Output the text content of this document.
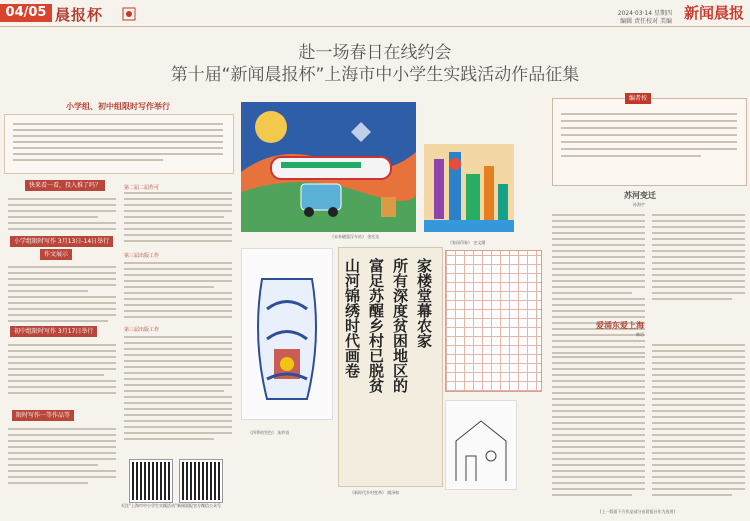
04/05 晨报杯	2024·03·14 星期四
编辑 责任校对 美编 新闻晨报
赴一场春日在线约会
第十届“新闻晨报杯”上海市中小学生实践活动作品征集
小学组、初中组限时写作举行
快来看一看，投入推了吗？
小学组限时写作 3月13日-14日举行
作文展示
初中组限时写作 3月17日举行
限时写作一等作品等
第二届二届作可
第三届出版工作
第三届出版工作
关注“上海市中小学生实践活动” 新闻晨报官方微信公众号
《未来磁悬浮车站》 金宏达
《家园印象》 史文涵
《四季的雪色》 朱妙语
山河锦绣时代画卷 富足苏醒乡村已脱贫 所有深度贫困地区的 家楼堂幕农家
《新时代乡村变革》 姚泽如
编者按
苏河变迁
孙海宇
爱涌东爱上海
韩语
(上一版面下方作品部分由晨报社作为选用)
